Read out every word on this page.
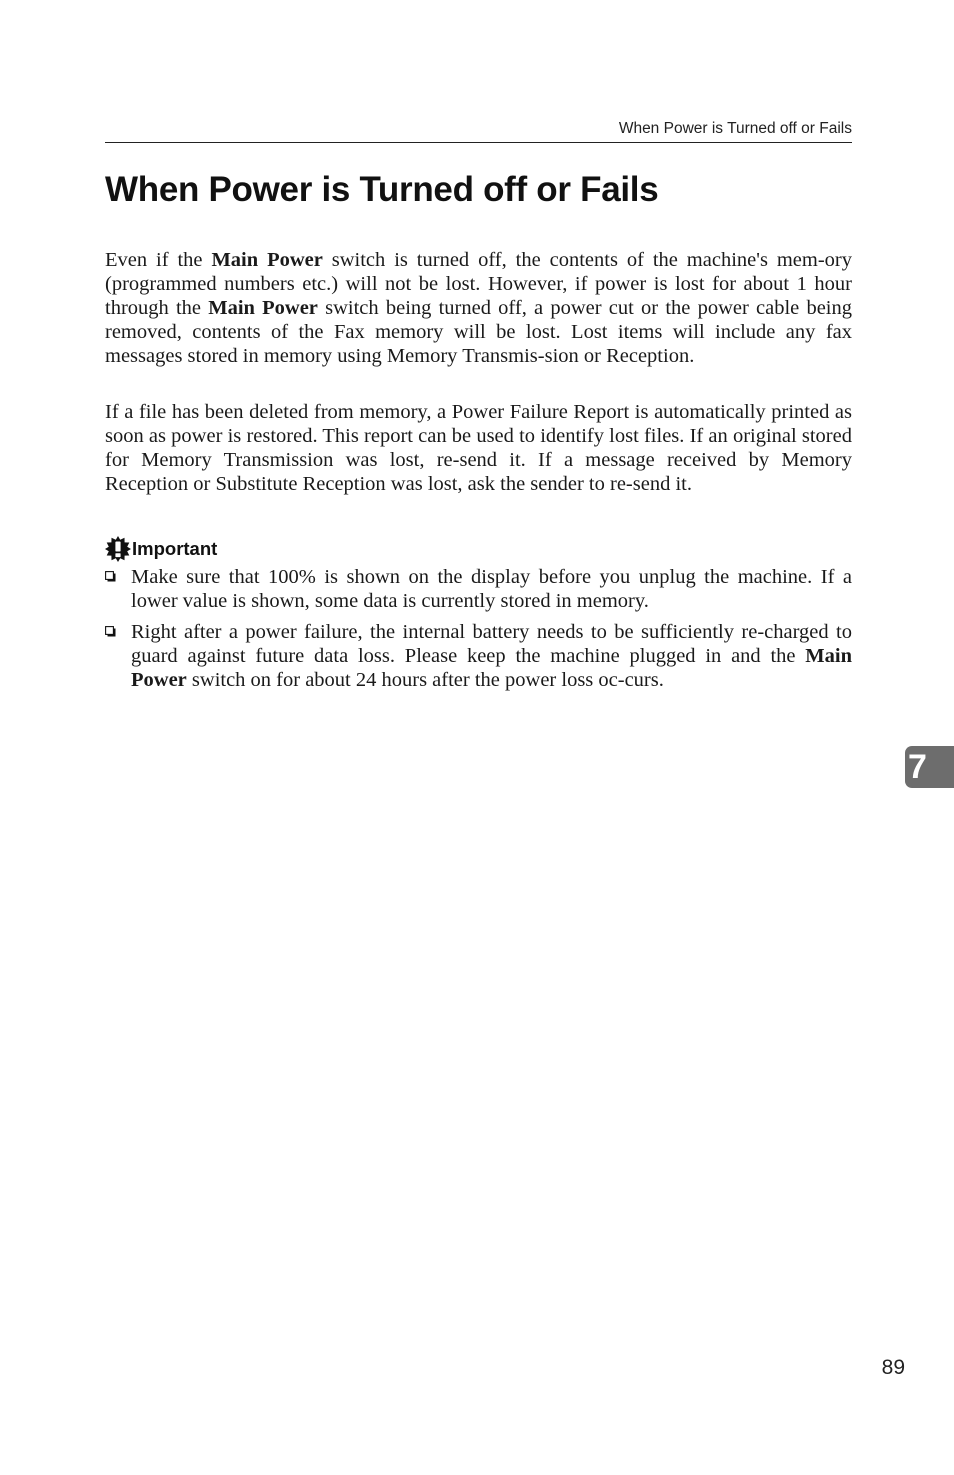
When Power is Turned off or Fails
When Power is Turned off or Fails

Even if the Main Power switch is turned off, the contents of the machine's mem-ory (programmed numbers etc.) will not be lost. However, if power is lost for about 1 hour through the Main Power switch being turned off, a power cut or the power cable being removed, contents of the Fax memory will be lost. Lost items will include any fax messages stored in memory using Memory Transmis-sion or Reception.

If a file has been deleted from memory, a Power Failure Report is automatically printed as soon as power is restored. This report can be used to identify lost files. If an original stored for Memory Transmission was lost, re-send it. If a message received by Memory Reception or Substitute Reception was lost, ask the sender to re-send it.

Important
Make sure that 100% is shown on the display before you unplug the machine. If a lower value is shown, some data is currently stored in memory.
Right after a power failure, the internal battery needs to be sufficiently re-charged to guard against future data loss. Please keep the machine plugged in and the Main Power switch on for about 24 hours after the power loss oc-curs.
7
89
